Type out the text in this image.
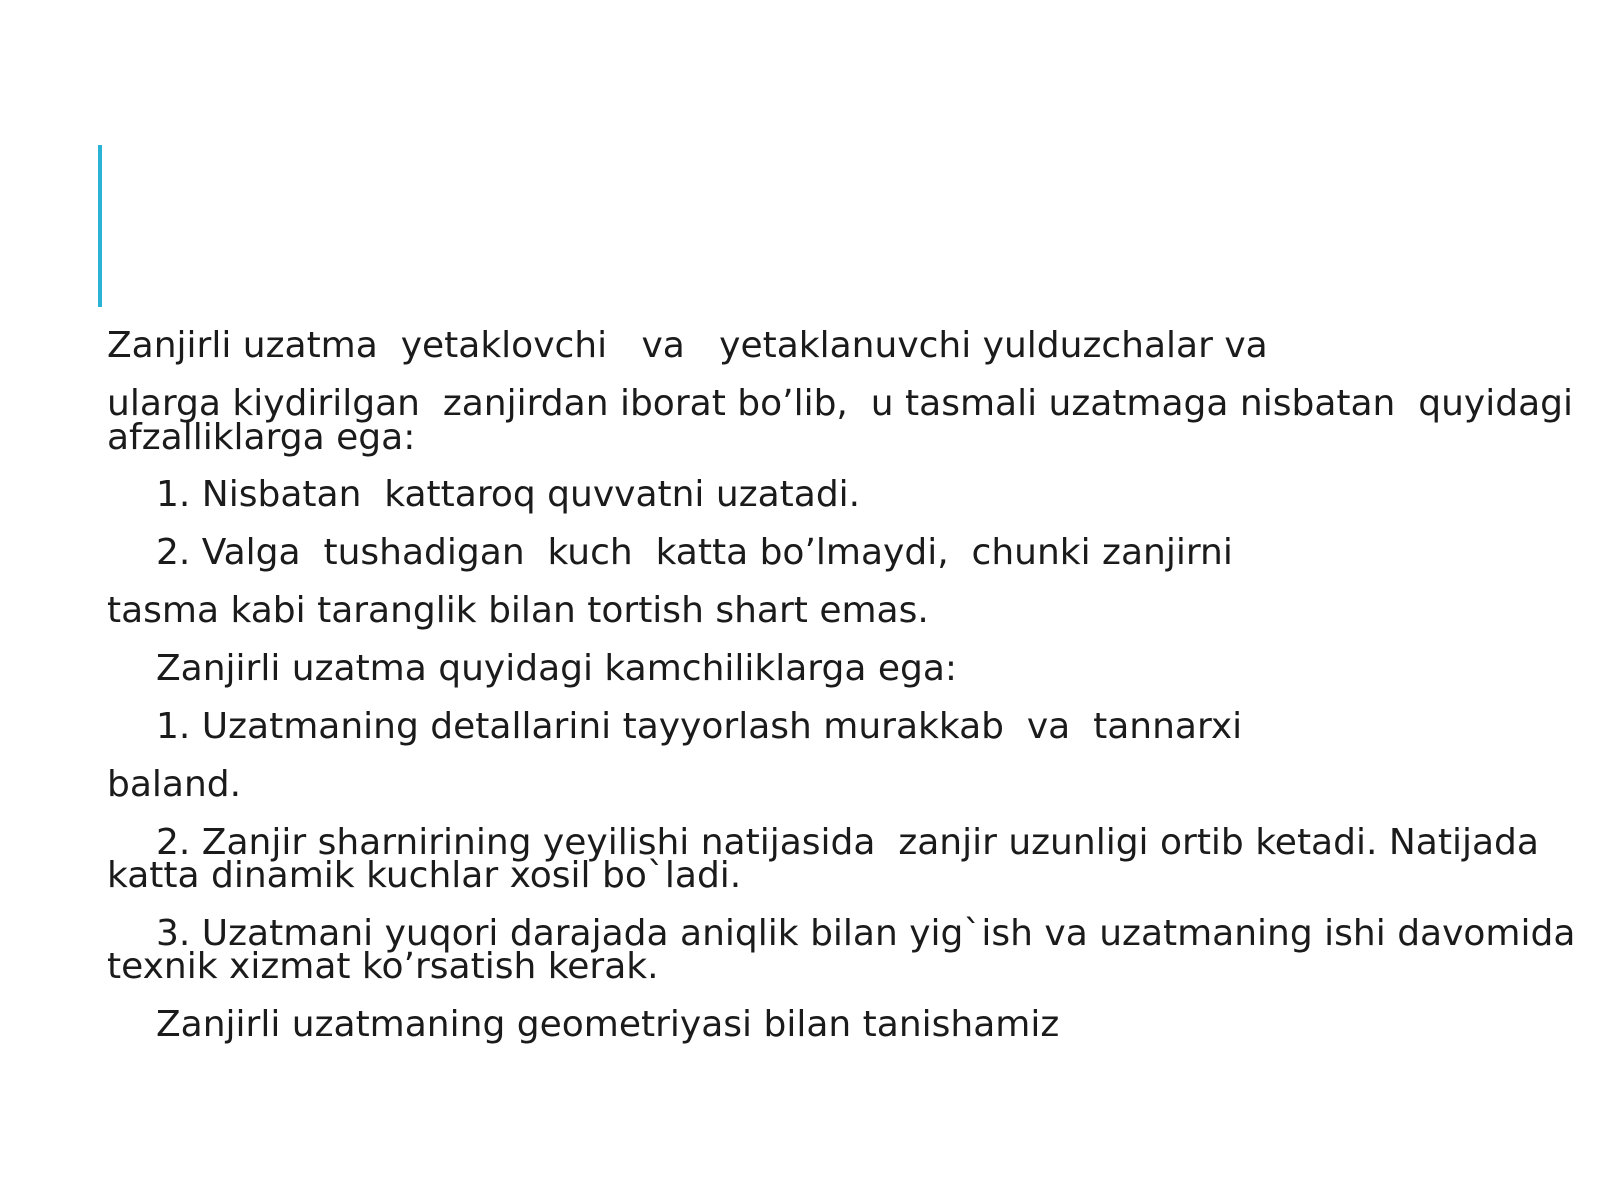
Zanjirli uzatma  yetaklovchi   va   yetaklanuvchi yulduzchalar va

ularga kiydirilgan  zanjirdan iborat bo’lib,  u tasmali uzatmaga nisbatan  quyidagi

afzalliklarga ega:

1. Nisbatan  kattaroq quvvatni uzatadi.

2. Valga  tushadigan  kuch  katta bo’lmaydi,  chunki zanjirni

tasma kabi taranglik bilan tortish shart emas.

Zanjirli uzatma quyidagi kamchiliklarga ega:

1. Uzatmaning detallarini tayyorlash murakkab  va  tannarxi

baland.

2. Zanjir sharnirining yeyilishi natijasida  zanjir uzunligi ortib ketadi. Natijada

katta dinamik kuchlar xosil bo`ladi.

3. Uzatmani yuqori darajada aniqlik bilan yig`ish va uzatmaning ishi davomida

texnik xizmat ko’rsatish kerak.

Zanjirli uzatmaning geometriyasi bilan tanishamiz
